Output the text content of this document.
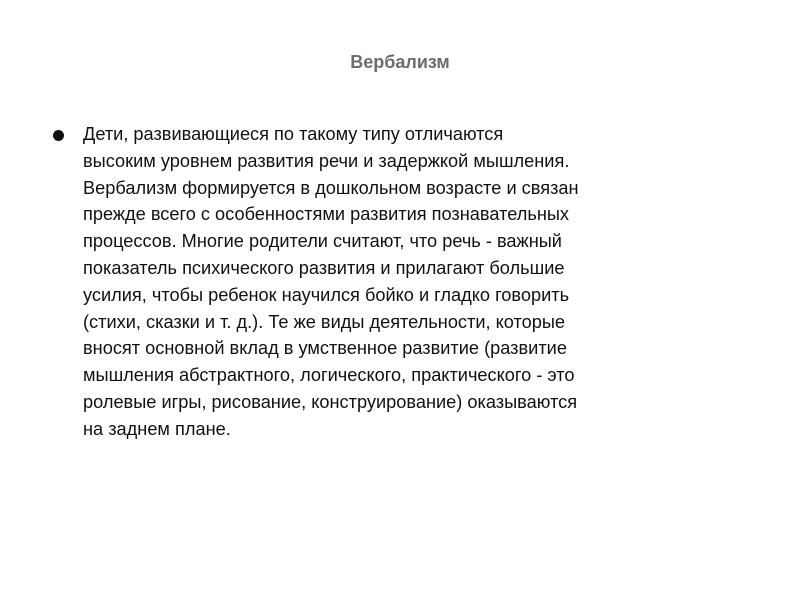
Вербализм
Дети, развивающиеся по такому типу отличаются
высоким уровнем развития речи и задержкой мышления.
Вербализм формируется в дошкольном возрасте и связан
прежде всего с особенностями развития познавательных
процессов. Многие родители считают, что речь - важный
показатель психического развития и прилагают большие
усилия, чтобы ребенок научился бойко и гладко говорить
(стихи, сказки и т. д.). Те же виды деятельности, которые
вносят основной вклад в умственное развитие (развитие
мышления абстрактного, логического, практического - это
ролевые игры, рисование, конструирование) оказываются
на заднем плане.
